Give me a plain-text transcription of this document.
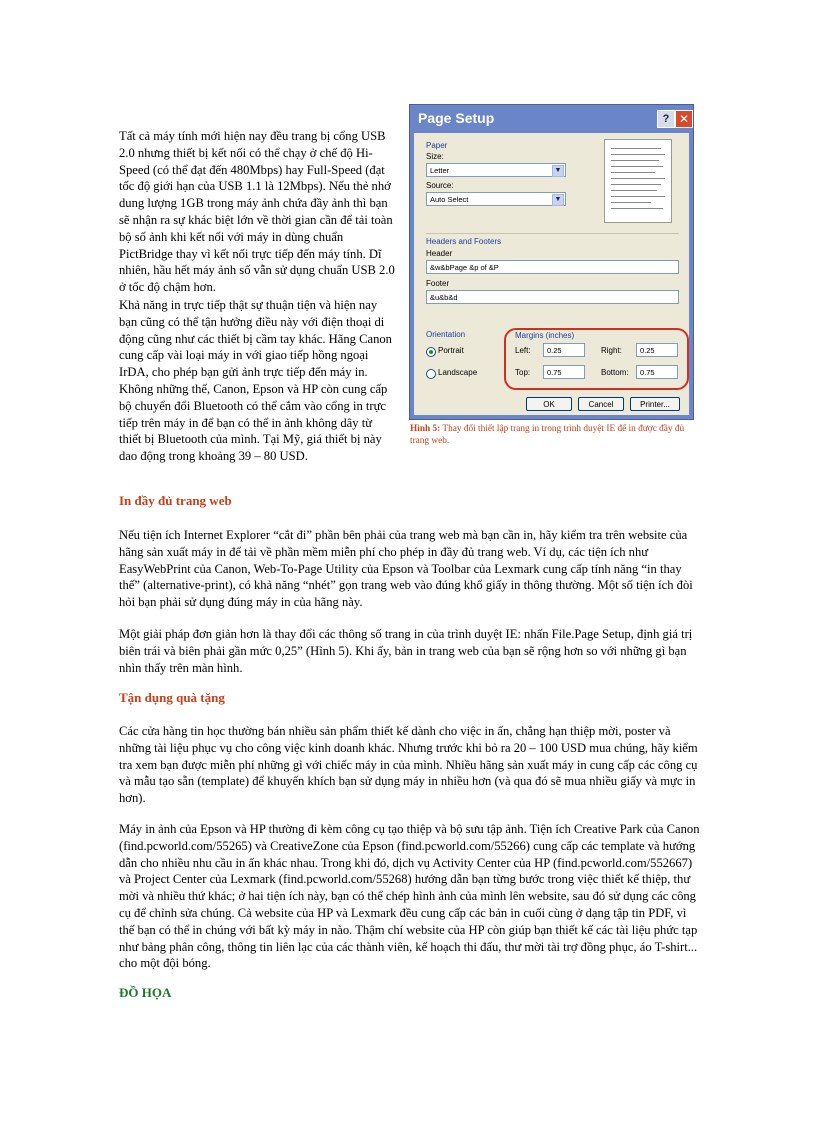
Tất cả máy tính mới hiện nay đều trang bị cổng USB 2.0 nhưng thiết bị kết nối có thể chạy ở chế độ Hi-Speed (có thể đạt đến 480Mbps) hay Full-Speed (đạt tốc độ giới hạn của USB 1.1 là 12Mbps). Nếu thẻ nhớ dung lượng 1GB trong máy ảnh chứa đầy ảnh thì bạn sẽ nhận ra sự khác biệt lớn về thời gian cần để tải toàn bộ số ảnh khi kết nối với máy in dùng chuẩn PictBridge thay vì kết nối trực tiếp đến máy tính. Dĩ nhiên, hầu hết máy ảnh số vẫn sử dụng chuẩn USB 2.0 ở tốc độ chậm hơn.

Khả năng in trực tiếp thật sự thuận tiện và hiện nay bạn cũng có thể tận hưởng điều này với điện thoại di động cũng như các thiết bị cầm tay khác. Hãng Canon cung cấp vài loại máy in với giao tiếp hồng ngoại IrDA, cho phép bạn gửi ảnh trực tiếp đến máy in. Không những thế, Canon, Epson và HP còn cung cấp bộ chuyển đổi Bluetooth có thể cắm vào cổng in trực tiếp trên máy in để bạn có thể in ảnh không dây từ thiết bị Bluetooth của mình. Tại Mỹ, giá thiết bị này dao động trong khoảng 39 – 80 USD.

Page Setup	? ✕
Paper
Size:
Letter	▼
Source:
Auto Select	▼
Headers and Footers
Header
&w&bPage &p of &P
Footer
&u&b&d
Orientation
Portrait
Landscape
Margins (inches)
Left:	0.25	Right:	0.25
Top:	0.75	Bottom:	0.75
OK	Cancel	Printer...
Hình 5: Thay đổi thiết lập trang in trong trình duyệt IE để in được đầy đủ trang web.
In đầy đủ trang web

Nếu tiện ích Internet Explorer “cắt đi” phần bên phải của trang web mà bạn cần in, hãy kiểm tra trên website của hãng sản xuất máy in để tải về phần mềm miễn phí cho phép in đầy đủ trang web. Ví dụ, các tiện ích như EasyWebPrint của Canon, Web-To-Page Utility của Epson và Toolbar của Lexmark cung cấp tính năng “in thay thế” (alternative-print), có khả năng “nhét” gọn trang web vào đúng khổ giấy in thông thường. Một số tiện ích đòi hỏi bạn phải sử dụng đúng máy in của hãng này.

Một giải pháp đơn giản hơn là thay đổi các thông số trang in của trình duyệt IE: nhấn File.Page Setup, định giá trị biên trái và biên phải gần mức 0,25” (Hình 5). Khi ấy, bản in trang web của bạn sẽ rộng hơn so với những gì bạn nhìn thấy trên màn hình.

Tận dụng quà tặng

Các cửa hàng tin học thường bán nhiều sản phẩm thiết kế dành cho việc in ấn, chẳng hạn thiệp mời, poster và những tài liệu phục vụ cho công việc kinh doanh khác. Nhưng trước khi bỏ ra 20 – 100 USD mua chúng, hãy kiểm tra xem bạn được miễn phí những gì với chiếc máy in của mình. Nhiều hãng sản xuất máy in cung cấp các công cụ và mẫu tạo sẵn (template) để khuyến khích bạn sử dụng máy in nhiều hơn (và qua đó sẽ mua nhiều giấy và mực in hơn).

Máy in ảnh của Epson và HP thường đi kèm công cụ tạo thiệp và bộ sưu tập ảnh. Tiện ích Creative Park của Canon (find.pcworld.com/55265) và CreativeZone của Epson (find.pcworld.com/55266) cung cấp các template và hướng dẫn cho nhiều nhu cầu in ấn khác nhau. Trong khi đó, dịch vụ Activity Center của HP (find.pcworld.com/552667) và Project Center của Lexmark (find.pcworld.com/55268) hướng dẫn bạn từng bước trong việc thiết kế thiệp, thư mời và nhiều thứ khác; ở hai tiện ích này, bạn có thể chép hình ảnh của mình lên website, sau đó sử dụng các công cụ để chỉnh sửa chúng. Cả website của HP và Lexmark đều cung cấp các bản in cuối cùng ở dạng tập tin PDF, vì thế bạn có thể in chúng với bất kỳ máy in nào. Thậm chí website của HP còn giúp bạn thiết kế các tài liệu phức tạp như bảng phân công, thông tin liên lạc của các thành viên, kế hoạch thi đấu, thư mời tài trợ đồng phục, áo T-shirt... cho một đội bóng.

ĐỒ HỌA
